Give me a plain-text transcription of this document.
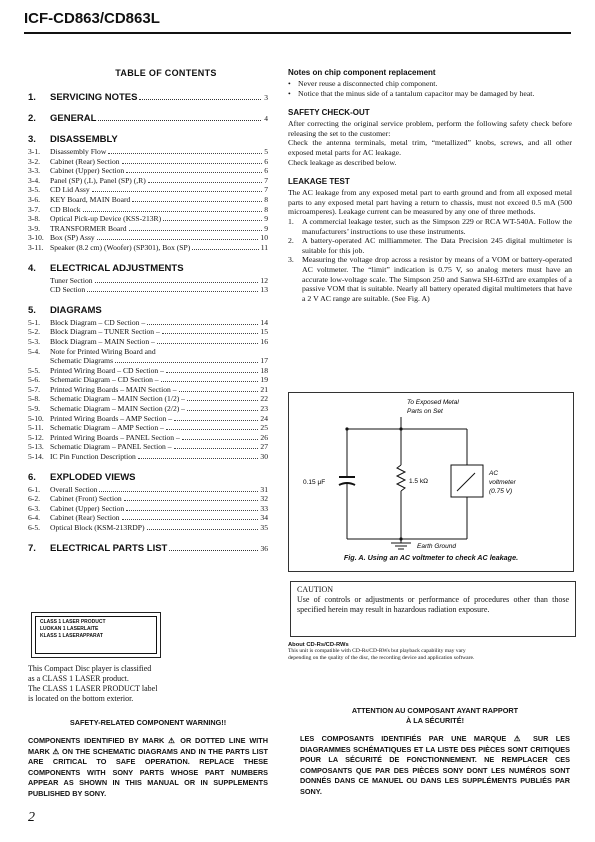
ICF-CD863/CD863L
TABLE OF CONTENTS
1.	SERVICING NOTES	3
2.	GENERAL	4
3.	DISASSEMBLY
3-1.	Disassembly Flow	5
3-2.	Cabinet (Rear) Section	6
3-3.	Cabinet (Upper) Section	6
3-4.	Panel (SP) (,L), Panel (SP) (,R)	7
3-5.	CD Lid Assy	7
3-6.	KEY Board, MAIN Board	8
3-7.	CD Block	8
3-8.	Optical Pick-up Device (KSS-213R)	9
3-9.	TRANSFORMER Board	9
3-10. Box (SP) Assy	10
3-11. Speaker (8.2 cm) (Woofer) (SP301), Box (SP)	11
4.	ELECTRICAL ADJUSTMENTS
Tuner Section	12
CD Section	13
5.	DIAGRAMS
5-1.	Block Diagram – CD Section –	14
5-2.	Block Diagram – TUNER Section –	15
5-3.	Block Diagram – MAIN Section –	16
5-4.	Note for Printed Wiring Board and
Schematic Diagrams	17
5-5.	Printed Wiring Board – CD Section –	18
5-6.	Schematic Diagram – CD Section –	19
5-7.	Printed Wiring Boards – MAIN Section –	21
5-8.	Schematic Diagram – MAIN Section (1/2) –	22
5-9.	Schematic Diagram – MAIN Section (2/2) –	23
5-10. Printed Wiring Boards – AMP Section –	24
5-11. Schematic Diagram – AMP Section –	25
5-12. Printed Wiring Boards – PANEL Section –	26
5-13. Schematic Diagram – PANEL Section –	27
5-14. IC Pin Function Description	30
6.	EXPLODED VIEWS
6-1.	Overall Section	31
6-2.	Cabinet (Front) Section	32
6-3.	Cabinet (Upper) Section	33
6-4.	Cabinet (Rear) Section	34
6-5.	Optical Block (KSM-213RDP)	35
7.	ELECTRICAL PARTS LIST	36
CLASS 1 LASER PRODUCT
LUOKAN 1 LASERLAITE
KLASS 1 LASERAPPARAT
This Compact Disc player is classified
as a CLASS 1 LASER product.
The CLASS 1 LASER PRODUCT label
is located on the bottom exterior.
SAFETY-RELATED COMPONENT WARNING!!
COMPONENTS IDENTIFIED BY MARK ⚠ OR DOTTED LINE WITH MARK ⚠ ON THE SCHEMATIC DIAGRAMS AND IN THE PARTS LIST ARE CRITICAL TO SAFE OPERATION. REPLACE THESE COMPONENTS WITH SONY PARTS WHOSE PART NUMBERS APPEAR AS SHOWN IN THIS MANUAL OR IN SUPPLEMENTS PUBLISHED BY SONY.
2
Notes on chip component replacement
• Never reuse a disconnected chip component.
• Notice that the minus side of a tantalum capacitor may be damaged by heat.
SAFETY CHECK-OUT
After correcting the original service problem, perform the following safety check before releasing the set to the customer:
Check the antenna terminals, metal trim, “metallized” knobs, screws, and all other exposed metal parts for AC leakage.
Check leakage as described below.
LEAKAGE TEST
The AC leakage from any exposed metal part to earth ground and from all exposed metal parts to any exposed metal part having a return to chassis, must not exceed 0.5 mA (500 microamperes). Leakage current can be measured by any one of three methods.
1.	A commercial leakage tester, such as the Simpson 229 or RCA WT-540A. Follow the manufacturers’ instructions to use these instruments.
2.	A battery-operated AC milliammeter. The Data Precision 245 digital multimeter is suitable for this job.
3.	Measuring the voltage drop across a resistor by means of a VOM or battery-operated AC voltmeter. The “limit” indication is 0.75 V, so analog meters must have an accurate low-voltage scale. The Simpson 250 and Sanwa SH-63Trd are examples of a passive VOM that is suitable. Nearly all battery operated digital multimeters that have a 2 V AC range are suitable. (See Fig. A)
To Exposed Metal
Parts on Set
0.15 μF	1.5 kΩ
AC
voltmeter
(0.75 V)
Earth Ground
Fig. A. Using an AC voltmeter to check AC leakage.
CAUTION
Use of controls or adjustments or performance of procedures other than those specified herein may result in hazardous radiation exposure.
About CD-Rs/CD-RWs
This unit is compatible with CD-Rs/CD-RWs but playback capability may vary depending on the quality of the disc, the recording device and application software.
ATTENTION AU COMPOSANT AYANT RAPPORT
À LA SÉCURITÉ!
LES COMPOSANTS IDENTIFIÉS PAR UNE MARQUE ⚠ SUR LES DIAGRAMMES SCHÉMATIQUES ET LA LISTE DES PIÈCES SONT CRITIQUES POUR LA SÉCURITÉ DE FONCTIONNEMENT. NE REMPLACER CES COMPOSANTS QUE PAR DES PIÈCES SONY DONT LES NUMÉROS SONT DONNÉS DANS CE MANUEL OU DANS LES SUPPLÉMENTS PUBLIÉS PAR SONY.
